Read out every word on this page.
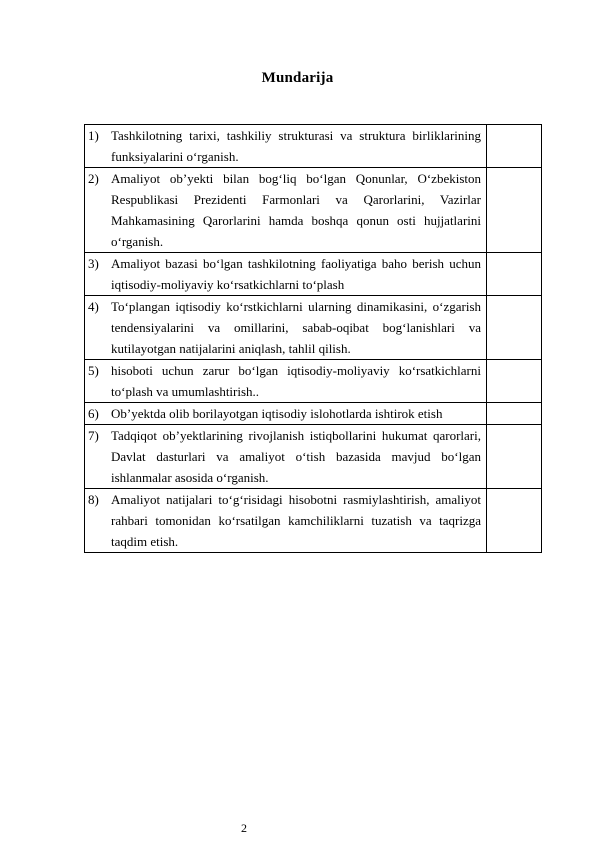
Mundarija
1)	Tashkilotning tarixi, tashkiliy strukturasi va struktura birliklarining funksiyalarini o‘rganish.	
2)	Amaliyot ob’yekti bilan bog‘liq bo‘lgan Qonunlar, O‘zbekiston Respublikasi Prezidenti Farmonlari va Qarorlarini, Vazirlar Mahkamasining Qarorlarini hamda boshqa qonun osti hujjatlarini o‘rganish.	
3)	Amaliyot bazasi bo‘lgan tashkilotning faoliyatiga baho berish uchun iqtisodiy-moliyaviy ko‘rsatkichlarni to‘plash	
4)	To‘plangan iqtisodiy ko‘rstkichlarni ularning dinamikasini, o‘zgarish tendensiyalarini va omillarini, sabab-oqibat bog‘lanishlari va kutilayotgan natijalarini aniqlash, tahlil qilish.	
5)	hisoboti uchun zarur bo‘lgan iqtisodiy-moliyaviy ko‘rsatkichlarni to‘plash va umumlashtirish..	
6)	Ob’yektda olib borilayotgan iqtisodiy islohotlarda ishtirok etish	
7)	Tadqiqot ob’yektlarining rivojlanish istiqbollarini hukumat qarorlari, Davlat dasturlari va amaliyot o‘tish bazasida mavjud bo‘lgan ishlanmalar asosida o‘rganish.	
8)	Amaliyot natijalari to‘g‘risidagi hisobotni rasmiylashtirish, amaliyot rahbari tomonidan ko‘rsatilgan kamchiliklarni tuzatish va taqrizga taqdim etish.	
2
